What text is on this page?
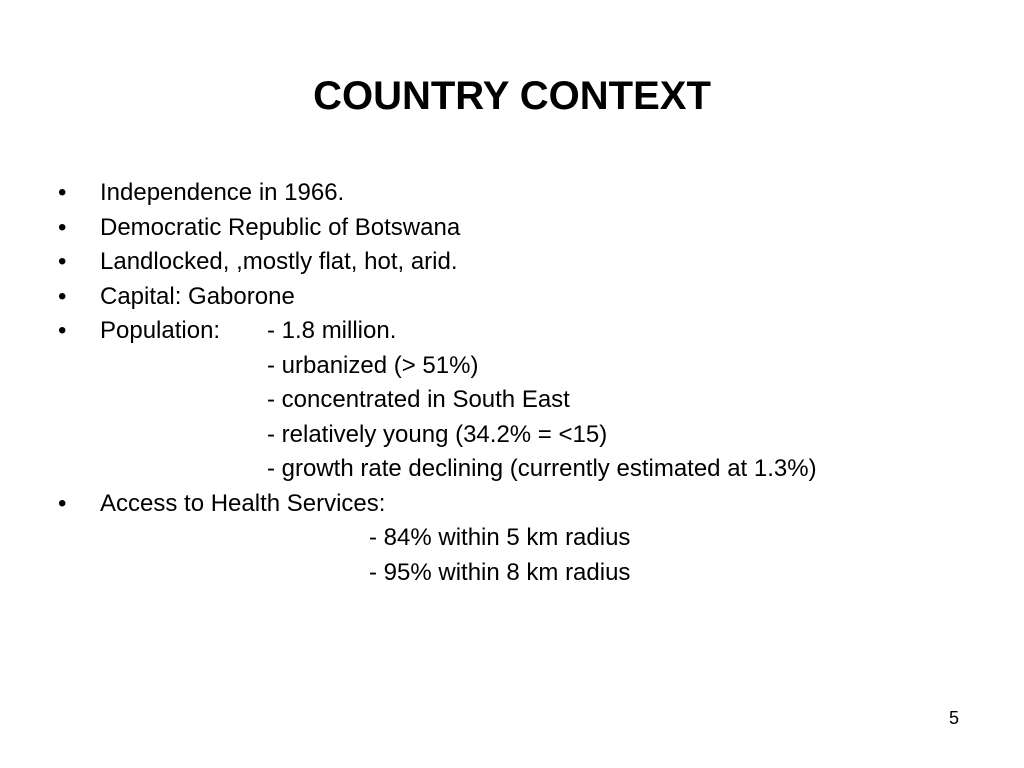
COUNTRY CONTEXT
• Independence in 1966.
• Democratic Republic of Botswana
• Landlocked, ,mostly flat, hot, arid.
• Capital: Gaborone
• Population: - 1.8 million.
- urbanized (> 51%)
- concentrated in South East
- relatively young (34.2% = <15)
- growth rate declining (currently estimated at 1.3%)
• Access to Health Services:
- 84% within 5 km radius
- 95% within 8 km radius
5
